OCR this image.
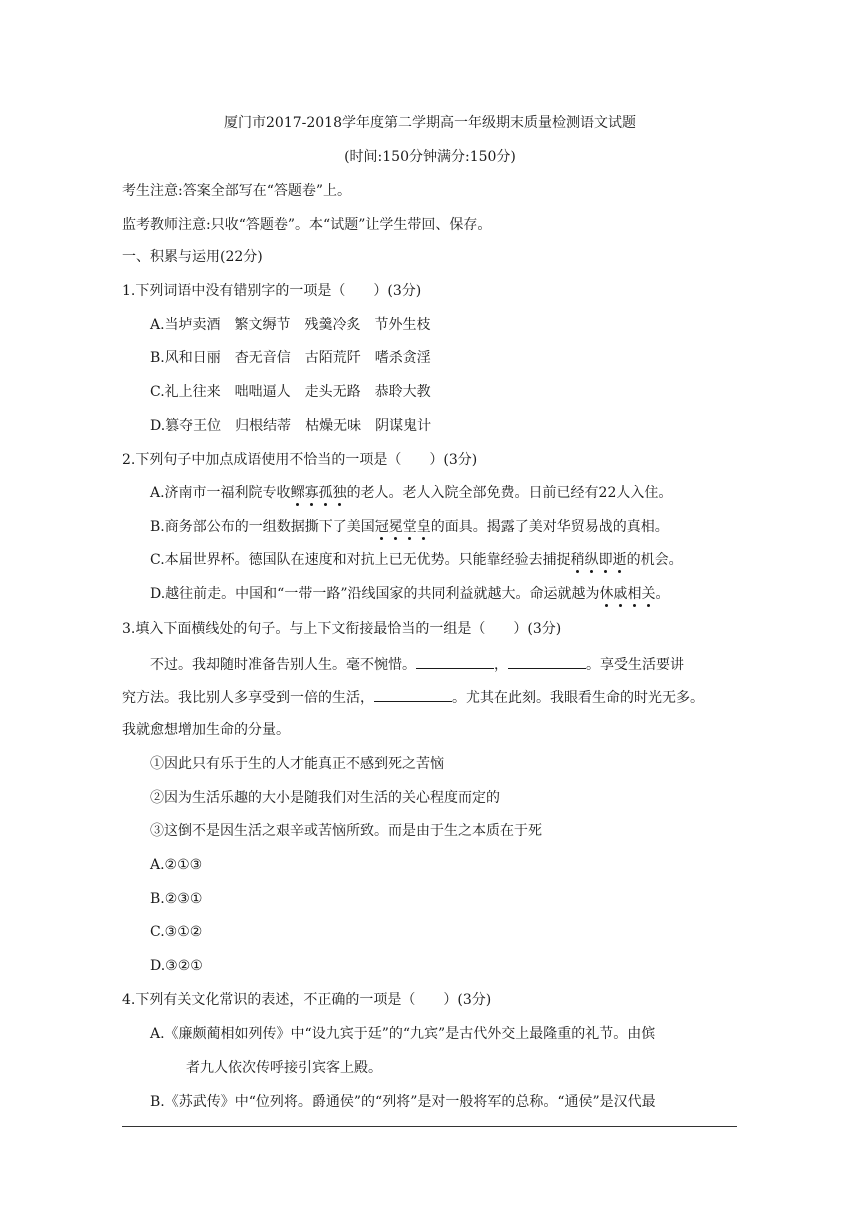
厦门市2017-2018学年度第二学期高一年级期末质量检测语文试题
(时间:150分钟满分:150分)
考生注意:答案全部写在“答题卷”上。
监考教师注意:只收“答题卷”。本“试题”让学生带回、保存。
一、积累与运用(22分)
1.下列词语中没有错别字的一项是（　　）(3分)
A.当垆卖酒　繁文缛节　残羹冷炙　节外生枝
B.风和日丽　杳无音信　古陌荒阡　嗜杀贪淫
C.礼上往来　咄咄逼人　走头无路　恭聆大教
D.篡夺王位　归根结蒂　枯燥无味　阴谋鬼计
2.下列句子中加点成语使用不恰当的一项是（　　）(3分)
A.济南市一福利院专收鳏寡孤独的老人。老人入院全部免费。日前已经有22人入住。
B.商务部公布的一组数据撕下了美国冠冕堂皇的面具。揭露了美对华贸易战的真相。
C.本届世界杯。德国队在速度和对抗上已无优势。只能靠经验去捕捉稍纵即逝的机会。
D.越往前走。中国和“一带一路”沿线国家的共同利益就越大。命运就越为休戚相关。
3.填入下面横线处的句子。与上下文衔接最恰当的一组是（　　）(3分)
不过。我却随时准备告别人生。毫不惋惜。	，	。享受生活要讲
究方法。我比别人多享受到一倍的生活，	。尤其在此刻。我眼看生命的时光无多。
我就愈想增加生命的分量。
①因此只有乐于生的人才能真正不感到死之苦恼
②因为生活乐趣的大小是随我们对生活的关心程度而定的
③这倒不是因生活之艰辛或苦恼所致。而是由于生之本质在于死
A.②①③
B.②③①
C.③①②
D.③②①
4.下列有关文化常识的表述，不正确的一项是（　　）(3分)
A.《廉颇蔺相如列传》中“设九宾于廷”的“九宾”是古代外交上最隆重的礼节。由傧
者九人依次传呼接引宾客上殿。
B.《苏武传》中“位列将。爵通侯”的“列将”是对一般将军的总称。“通侯”是汉代最
